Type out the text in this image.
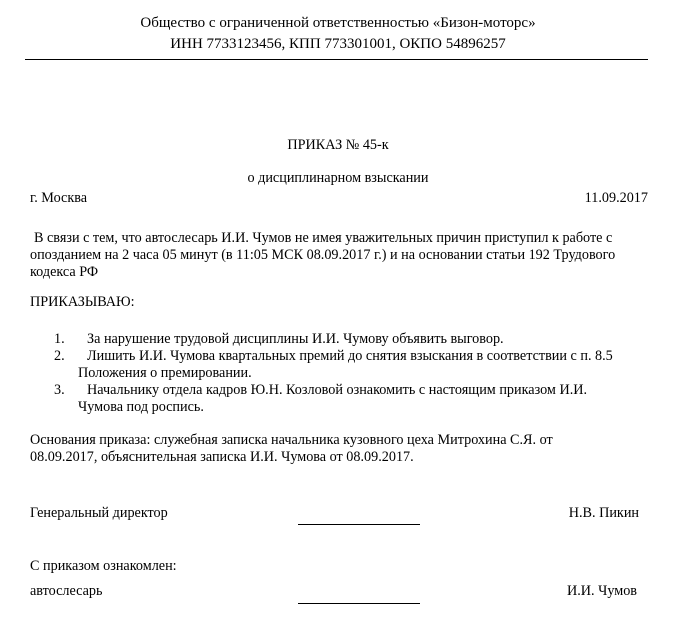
Общество с ограниченной ответственностью «Бизон-моторс»
ИНН 7733123456, КПП 773301001, ОКПО 54896257
ПРИКАЗ № 45-к
о дисциплинарном взыскании
г. Москва	11.09.2017
В связи с тем, что автослесарь И.И. Чумов не имея уважительных причин приступил к работе с
опозданием на 2 часа 05 минут (в 11:05 МСК 08.09.2017 г.) и на основании статьи 192 Трудового
кодекса РФ
ПРИКАЗЫВАЮ:
1. За нарушение трудовой дисциплины И.И. Чумову объявить выговор.
2. Лишить И.И. Чумова квартальных премий до снятия взыскания в соответствии с п. 8.5
Положения о премировании.
3. Начальнику отдела кадров Ю.Н. Козловой ознакомить с настоящим приказом И.И.
Чумова под роспись.
Основания приказа: служебная записка начальника кузовного цеха Митрохина С.Я. от
08.09.2017, объяснительная записка И.И. Чумова от 08.09.2017.
Генеральный директор	Н.В. Пикин
С приказом ознакомлен:
автослесарь	И.И. Чумов
